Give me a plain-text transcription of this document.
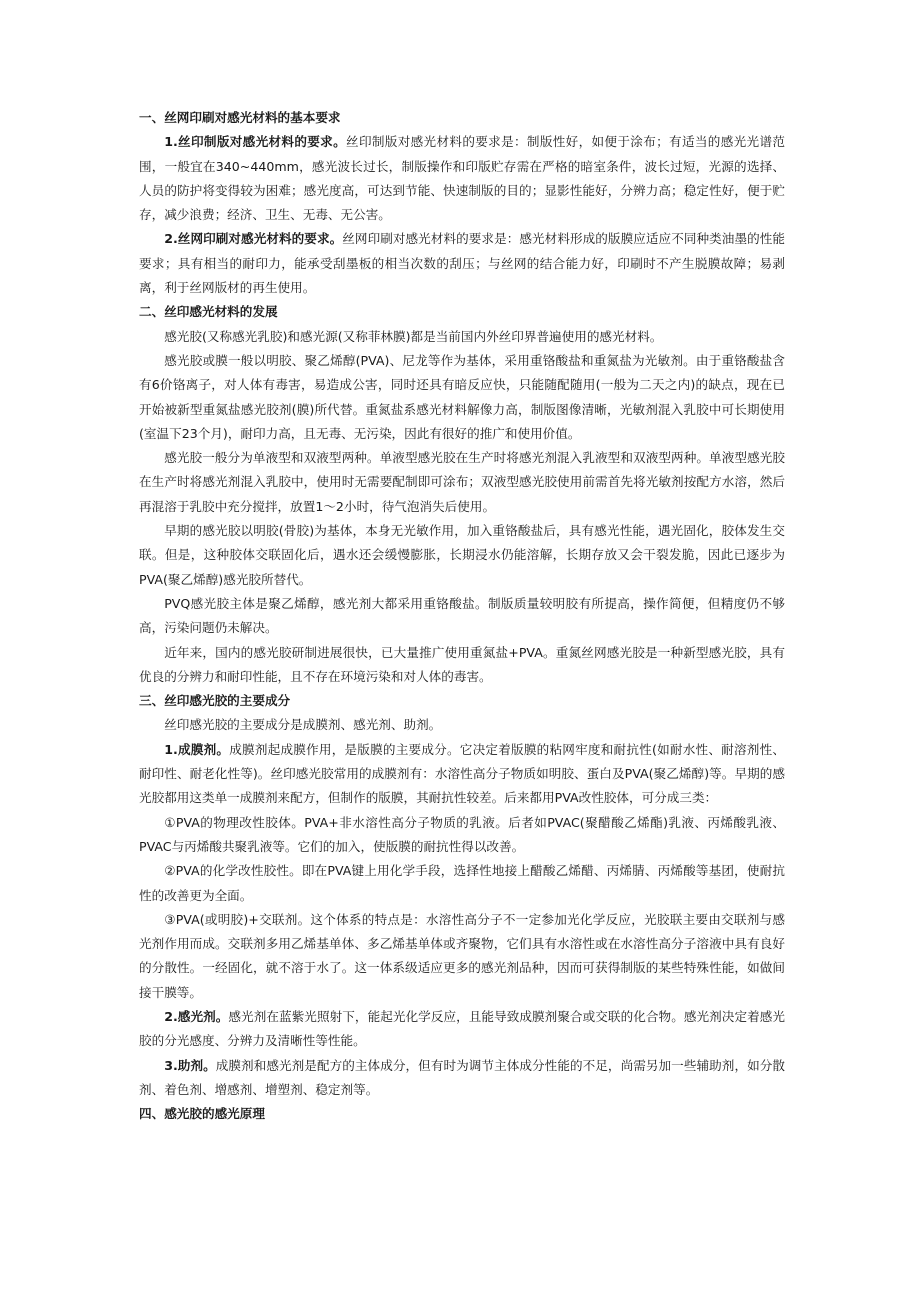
一、丝网印刷对感光材料的基本要求

1.丝印制版对感光材料的要求。丝印制版对感光材料的要求是：制版性好，如便于涂布；有适当的感光光谱范围，一般宜在340~440mm，感光波长过长，制版操作和印版贮存需在严格的暗室条件，波长过短，光源的选择、人员的防护将变得较为困难；感光度高，可达到节能、快速制版的目的；显影性能好，分辨力高；稳定性好，便于贮存，减少浪费；经济、卫生、无毒、无公害。

2.丝网印刷对感光材料的要求。丝网印刷对感光材料的要求是：感光材料形成的版膜应适应不同种类油墨的性能要求；具有相当的耐印力，能承受刮墨板的相当次数的刮压；与丝网的结合能力好，印刷时不产生脱膜故障；易剥离，利于丝网版材的再生使用。

二、丝印感光材料的发展

感光胶(又称感光乳胶)和感光源(又称菲林膜)都是当前国内外丝印界普遍使用的感光材料。

感光胶或膜一般以明胶、聚乙烯醇(PVA)、尼龙等作为基体，采用重铬酸盐和重氮盐为光敏剂。由于重铬酸盐含有6价铬离子，对人体有毒害，易造成公害，同时还具有暗反应快，只能随配随用(一般为二天之内)的缺点，现在已开始被新型重氮盐感光胶剂(膜)所代替。重氮盐系感光材料解像力高，制版图像清晰，光敏剂混入乳胶中可长期使用(室温下23个月)，耐印力高，且无毒、无污染，因此有很好的推广和使用价值。

感光胶一般分为单液型和双液型两种。单液型感光胶在生产时将感光剂混入乳液型和双液型两种。单液型感光胶在生产时将感光剂混入乳胶中，使用时无需要配制即可涂布；双液型感光胶使用前需首先将光敏剂按配方水溶，然后再混溶于乳胶中充分搅拌，放置1～2小时，待气泡消失后使用。

早期的感光胶以明胶(骨胶)为基体，本身无光敏作用，加入重铬酸盐后，具有感光性能，遇光固化，胶体发生交联。但是，这种胶体交联固化后，遇水还会缓慢膨胀，长期浸水仍能溶解，长期存放又会干裂发脆，因此已逐步为PVA(聚乙烯醇)感光胶所替代。

PVQ感光胶主体是聚乙烯醇，感光剂大都采用重铬酸盐。制版质量较明胶有所提高，操作简便，但精度仍不够高，污染问题仍未解决。

近年来，国内的感光胶研制进展很快，已大量推广使用重氮盐+PVA。重氮丝网感光胶是一种新型感光胶，具有优良的分辨力和耐印性能，且不存在环境污染和对人体的毒害。

三、丝印感光胶的主要成分

丝印感光胶的主要成分是成膜剂、感光剂、助剂。

1.成膜剂。成膜剂起成膜作用，是版膜的主要成分。它决定着版膜的粘网牢度和耐抗性(如耐水性、耐溶剂性、耐印性、耐老化性等)。丝印感光胶常用的成膜剂有：水溶性高分子物质如明胶、蛋白及PVA(聚乙烯醇)等。早期的感光胶都用这类单一成膜剂来配方，但制作的版膜，其耐抗性较差。后来都用PVA改性胶体，可分成三类：

①PVA的物理改性胶体。PVA+非水溶性高分子物质的乳液。后者如PVAC(聚醋酸乙烯酯)乳液、丙烯酸乳液、PVAC与丙烯酸共聚乳液等。它们的加入，使版膜的耐抗性得以改善。

②PVA的化学改性胶性。即在PVA键上用化学手段，选择性地接上醋酸乙烯醋、丙烯腈、丙烯酸等基团，使耐抗性的改善更为全面。

③PVA(或明胶)+交联剂。这个体系的特点是：水溶性高分子不一定参加光化学反应，光胶联主要由交联剂与感光剂作用而成。交联剂多用乙烯基单体、多乙烯基单体或齐聚物，它们具有水溶性或在水溶性高分子溶液中具有良好的分散性。一经固化，就不溶于水了。这一体系级适应更多的感光剂品种，因而可获得制版的某些特殊性能，如做间接干膜等。

2.感光剂。感光剂在蓝紫光照射下，能起光化学反应，且能导致成膜剂聚合或交联的化合物。感光剂决定着感光胶的分光感度、分辨力及清晰性等性能。

3.助剂。成膜剂和感光剂是配方的主体成分，但有时为调节主体成分性能的不足，尚需另加一些辅助剂，如分散剂、着色剂、增感剂、增塑剂、稳定剂等。

四、感光胶的感光原理
